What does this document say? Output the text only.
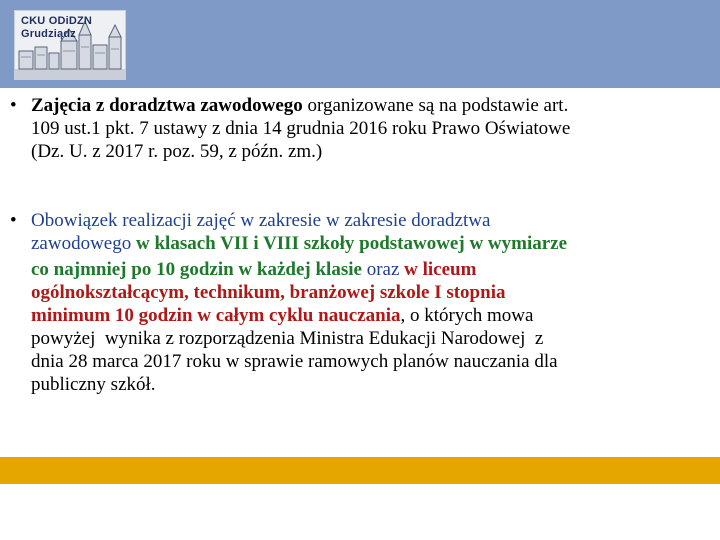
CKU ODiDZN
Grudziądz
• Zajęcia z doradztwa zawodowego organizowane są na podstawie art.
109 ust.1 pkt. 7 ustawy z dnia 14 grudnia 2016 roku Prawo Oświatowe
(Dz. U. z 2017 r. poz. 59, z późn. zm.)
• Obowiązek realizacji zajęć w zakresie w zakresie doradztwa
zawodowego w klasach VII i VIII szkoły podstawowej w wymiarze
co najmniej po 10 godzin w każdej klasie oraz w liceum
ogólnokształcącym, technikum, branżowej szkole I stopnia
minimum 10 godzin w całym cyklu nauczania, o których mowa
powyżej  wynika z rozporządzenia Ministra Edukacji Narodowej  z
dnia 28 marca 2017 roku w sprawie ramowych planów nauczania dla
publiczny szkół.
